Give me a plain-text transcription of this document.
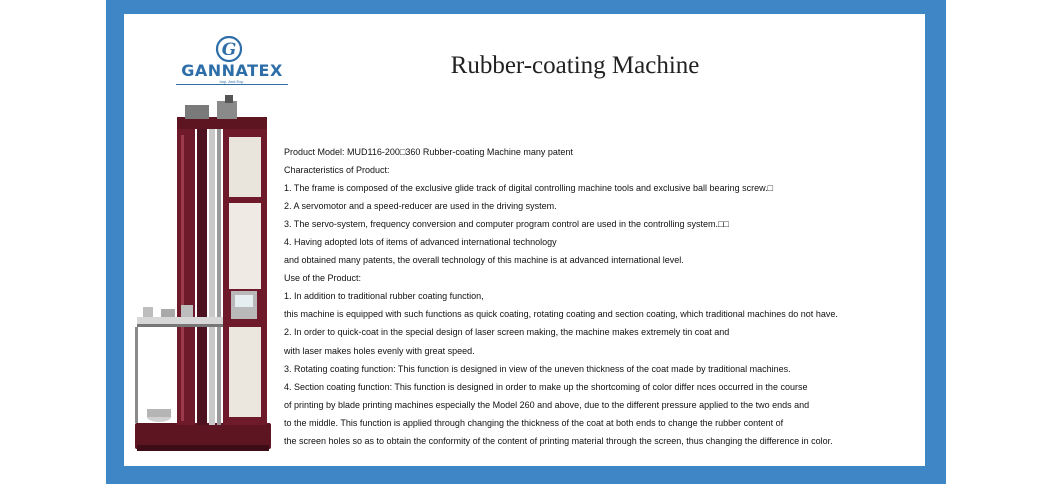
G
GANNATEX
Imp. And Exp.
Rubber-coating Machine
Product Model: MUD116-200□360 Rubber-coating Machine many patent
Characteristics of Product:
1. The frame is composed of the exclusive glide track of digital controlling machine tools and exclusive ball bearing screw.□
2. A servomotor and a speed-reducer are used in the driving system.
3. The servo-system, frequency conversion and computer program control are used in the controlling system.□□
4. Having adopted lots of items of advanced international technology
and obtained many patents, the overall technology of this machine is at advanced international level.
Use of the Product:
1. In addition to traditional rubber coating function,
this machine is equipped with such functions as quick coating, rotating coating and section coating, which traditional machines do not have.
2. In order to quick-coat in the special design of laser screen making, the machine makes extremely tin coat and
with laser makes holes evenly with great speed.
3. Rotating coating function: This function is designed in view of the uneven thickness of the coat made by traditional machines.
4. Section coating function: This function is designed in order to make up the shortcoming of color differ nces occurred in the course
of printing by blade printing machines especially the Model 260 and above, due to the different pressure applied to the two ends and
to the middle. This function is applied through changing the thickness of the coat at both ends to change the rubber content of
the screen holes so as to obtain the conformity of the content of printing material through the screen, thus changing the difference in color.
